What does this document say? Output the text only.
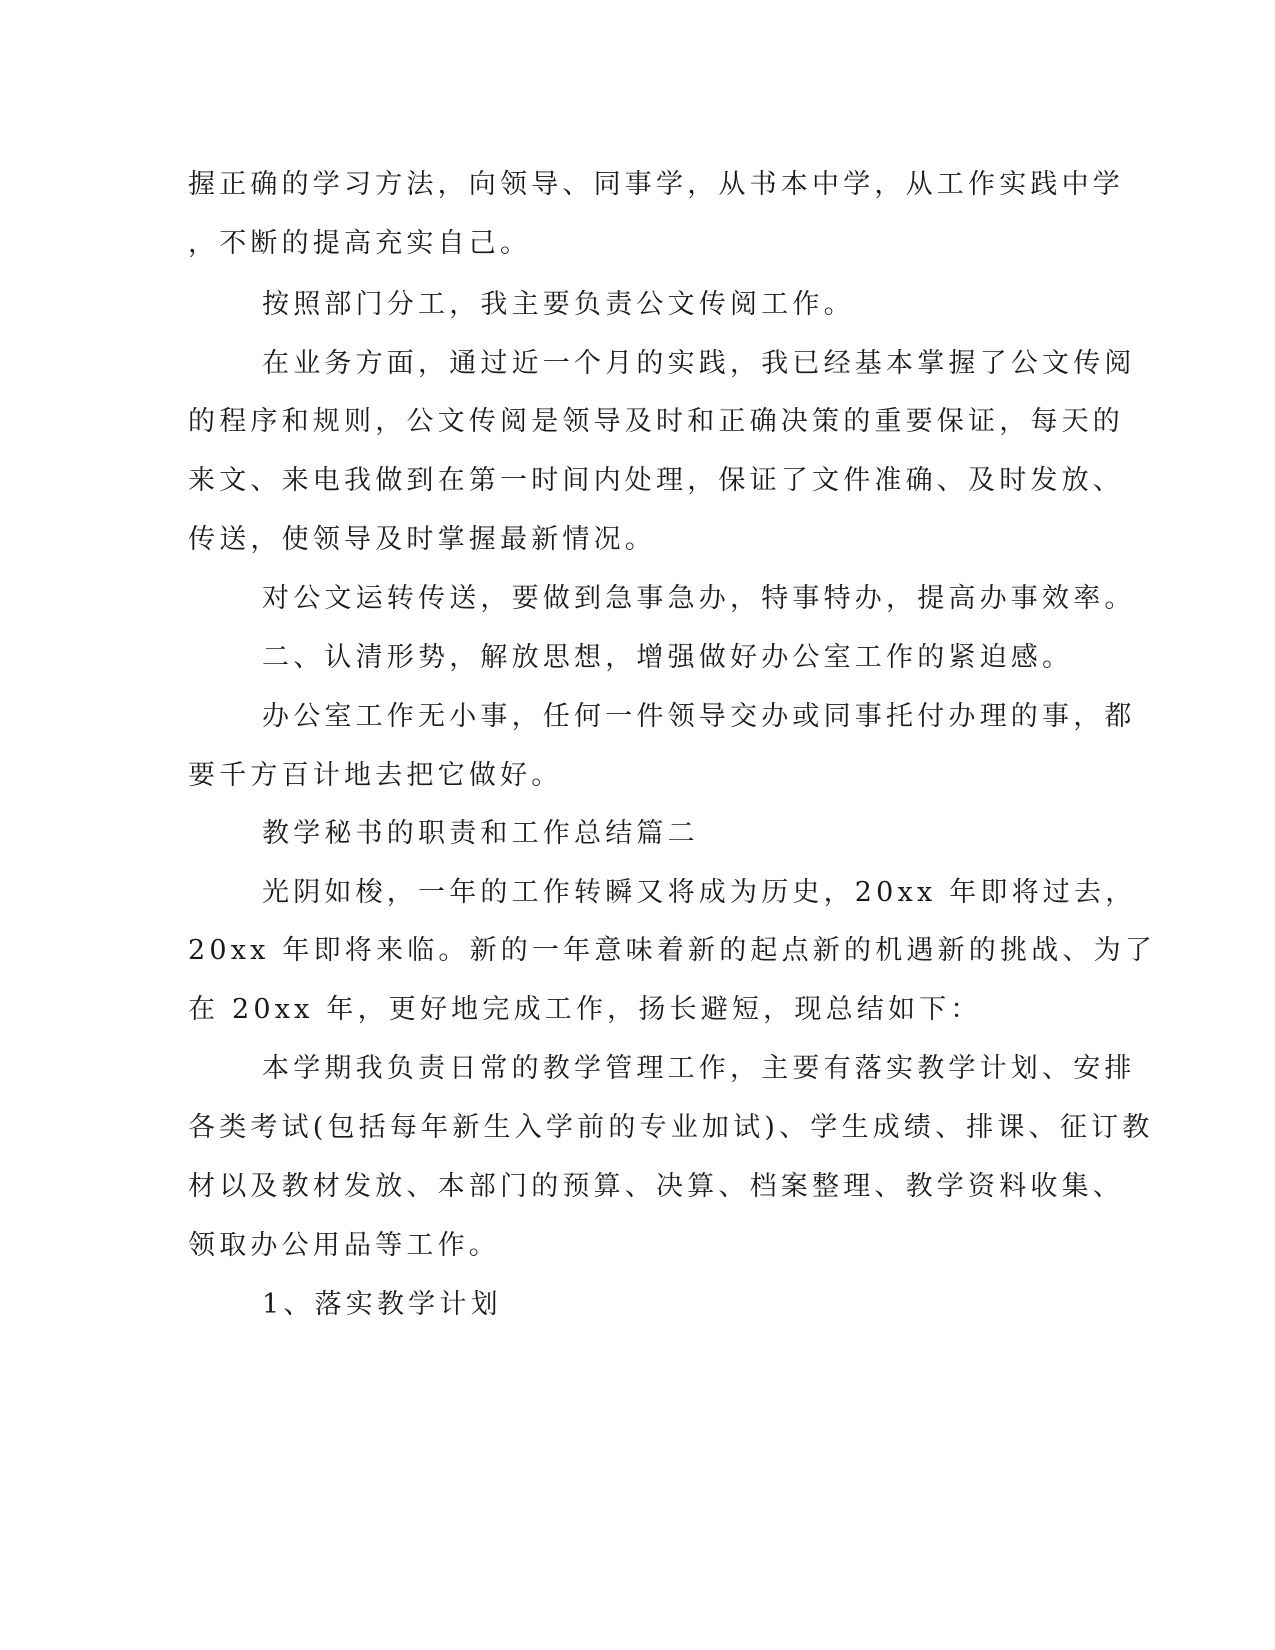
握正确的学习方法，向领导、同事学，从书本中学，从工作实践中学
，不断的提高充实自己。
按照部门分工，我主要负责公文传阅工作。
在业务方面，通过近一个月的实践，我已经基本掌握了公文传阅
的程序和规则，公文传阅是领导及时和正确决策的重要保证，每天的
来文、来电我做到在第一时间内处理，保证了文件准确、及时发放、
传送，使领导及时掌握最新情况。
对公文运转传送，要做到急事急办，特事特办，提高办事效率。
二、认清形势，解放思想，增强做好办公室工作的紧迫感。
办公室工作无小事，任何一件领导交办或同事托付办理的事，都
要千方百计地去把它做好。
教学秘书的职责和工作总结篇二
光阴如梭，一年的工作转瞬又将成为历史，20xx 年即将过去，
20xx 年即将来临。新的一年意味着新的起点新的机遇新的挑战、为了
在 20xx 年，更好地完成工作，扬长避短，现总结如下：
本学期我负责日常的教学管理工作，主要有落实教学计划、安排
各类考试(包括每年新生入学前的专业加试)、学生成绩、排课、征订教
材以及教材发放、本部门的预算、决算、档案整理、教学资料收集、
领取办公用品等工作。
1、落实教学计划
